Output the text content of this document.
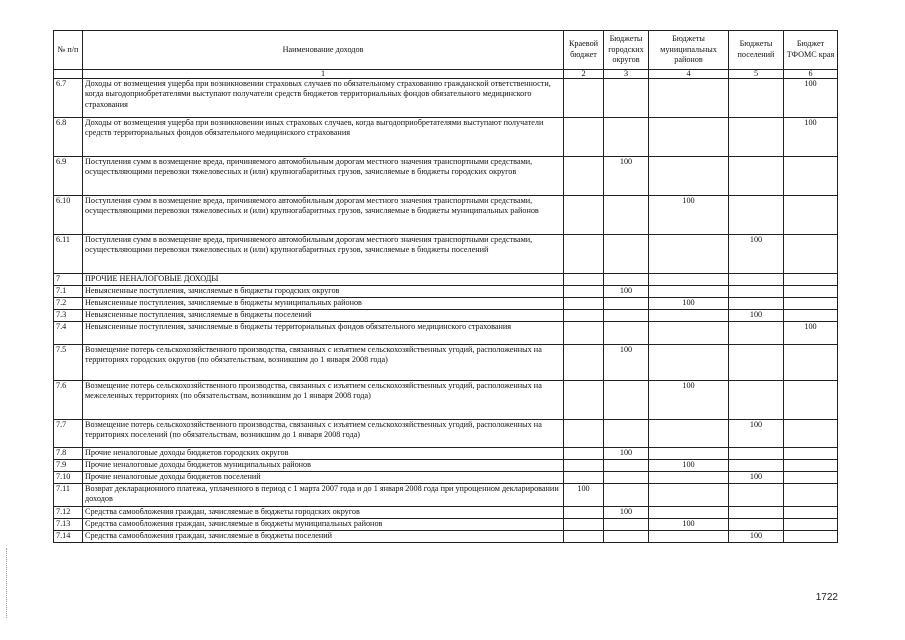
№ п/п	Наименование доходов	Краевой бюджет	Бюджеты городских округов	Бюджеты муниципальных районов	Бюджеты поселений	Бюджет ТФОМС края
	1	2	3	4	5	6
6.7	Доходы от возмещения ущерба при возникновении страховых случаев по обязательному страхованию гражданской ответственности, когда выгодоприобретателями выступают получатели средств бюджетов территориальных фондов обязательного медицинского страхования					100
6.8	Доходы от возмещения ущерба при возникновении иных страховых случаев, когда выгодоприобретателями выступают получатели средств территориальных фондов обязательного медицинского страхования					100
6.9	Поступления сумм в возмещение вреда, причиняемого автомобильным дорогам местного значения транспортными средствами, осуществляющими перевозки тяжеловесных и (или) крупногабаритных грузов, зачисляемые в бюджеты городских округов		100			
6.10	Поступления сумм в возмещение вреда, причиняемого автомобильным дорогам местного значения транспортными средствами, осуществляющими перевозки тяжеловесных и (или) крупногабаритных грузов, зачисляемые в бюджеты муниципальных районов			100		
6.11	Поступления сумм в возмещение вреда, причиняемого автомобильным дорогам местного значения транспортными средствами, осуществляющими перевозки тяжеловесных и (или) крупногабаритных грузов, зачисляемые в бюджеты поселений				100	
7	ПРОЧИЕ НЕНАЛОГОВЫЕ ДОХОДЫ					
7.1	Невыясненные поступления, зачисляемые в бюджеты городских округов		100			
7.2	Невыясненные поступления, зачисляемые в бюджеты муниципальных районов			100		
7.3	Невыясненные поступления, зачисляемые в бюджеты поселений				100	
7.4	Невыясненные поступления, зачисляемые в бюджеты территориальных фондов обязательного медицинского страхования					100
7.5	Возмещение потерь сельскохозяйственного производства, связанных с изъятием сельскохозяйственных угодий, расположенных на территориях городских округов (по обязательствам, возникшим до 1 января 2008 года)		100			
7.6	Возмещение потерь сельскохозяйственного производства, связанных с изъятием сельскохозяйственных угодий, расположенных на межселенных территориях (по обязательствам, возникшим до 1 января 2008 года)			100		
7.7	Возмещение потерь сельскохозяйственного производства, связанных с изъятием сельскохозяйственных угодий, расположенных на территориях поселений (по обязательствам, возникшим до 1 января 2008 года)				100	
7.8	Прочие неналоговые доходы бюджетов городских округов		100			
7.9	Прочие неналоговые доходы бюджетов муниципальных районов			100		
7.10	Прочие неналоговые доходы бюджетов поселений				100	
7.11	Возврат декларационного платежа, уплаченного в период с 1 марта 2007 года и до 1 января 2008 года при упрощенном декларировании доходов	100				
7.12	Средства самообложения граждан, зачисляемые в бюджеты городских округов		100			
7.13	Средства самообложения граждан, зачисляемые в бюджеты муниципальных районов			100		
7.14	Средства самообложения граждан, зачисляемые в бюджеты поселений				100	
1722
